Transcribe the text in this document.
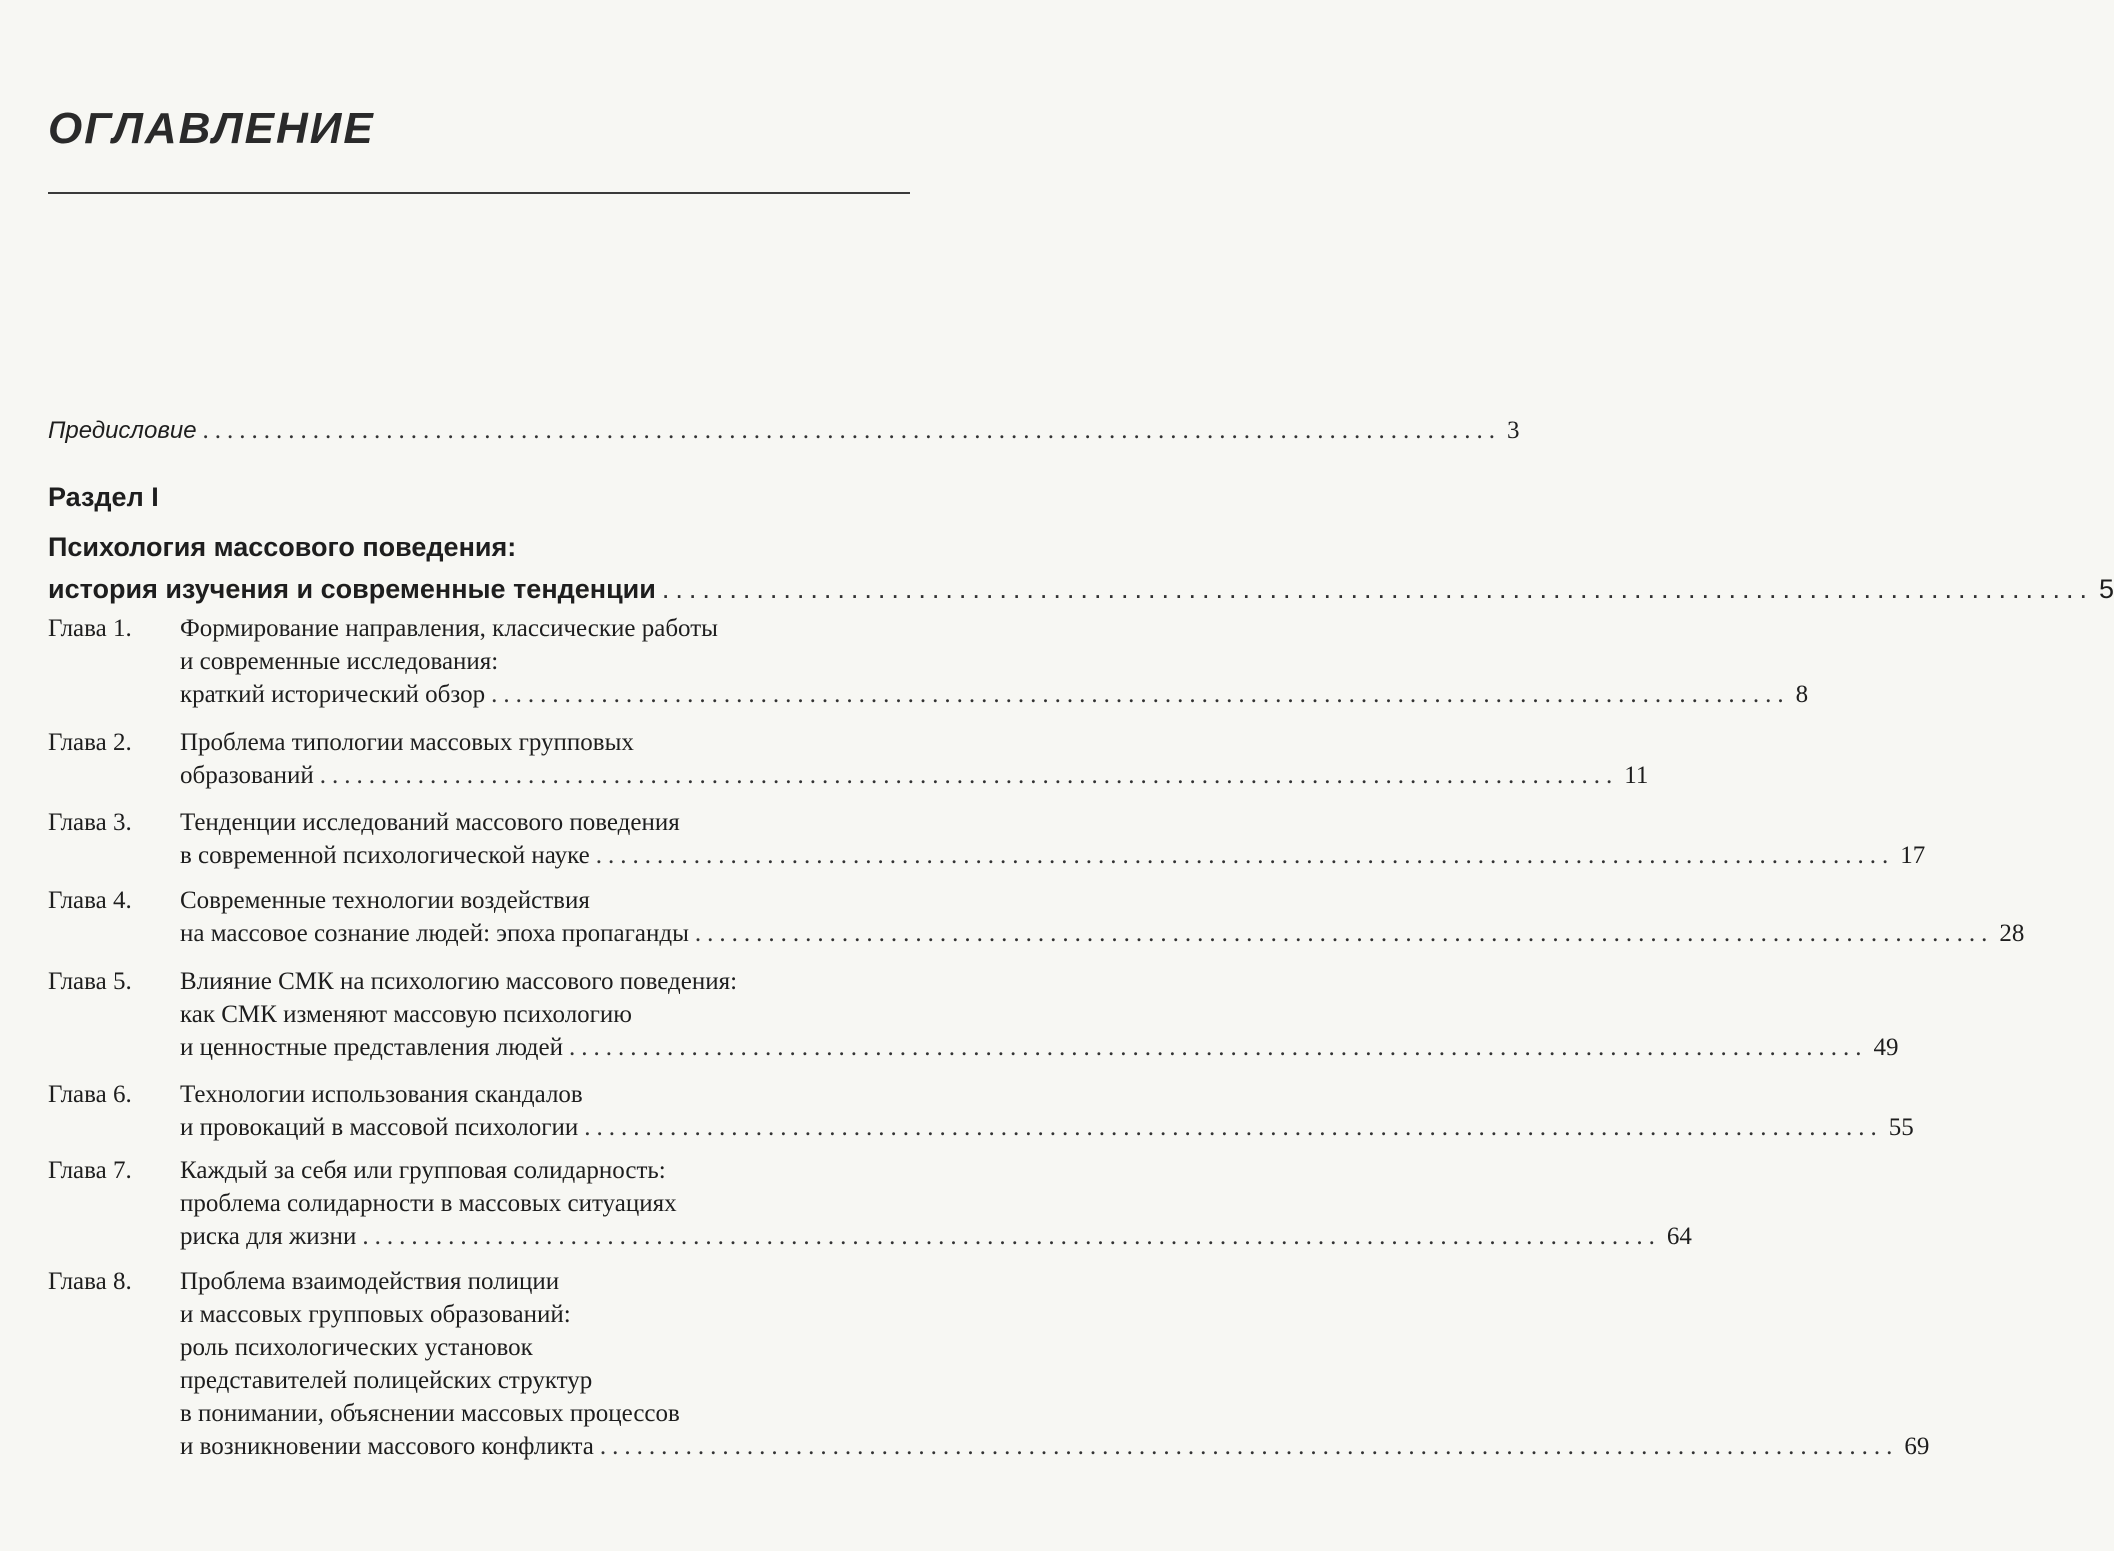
ОГЛАВЛЕНИЕ
Предисловие .......................................................................................................... 3
Раздел I
Психология массового поведения:
история изучения и современные тенденции .......................................................................................................... 5
Глава 1. Формирование направления, классические работы
и современные исследования:
краткий исторический обзор .......................................................................................................... 8
Глава 2. Проблема типологии массовых групповых
образований .......................................................................................................... 11
Глава 3. Тенденции исследований массового поведения
в современной психологической науке .......................................................................................................... 17
Глава 4. Современные технологии воздействия
на массовое сознание людей: эпоха пропаганды .......................................................................................................... 28
Глава 5. Влияние СМК на психологию массового поведения:
как СМК изменяют массовую психологию
и ценностные представления людей .......................................................................................................... 49
Глава 6. Технологии использования скандалов
и провокаций в массовой психологии .......................................................................................................... 55
Глава 7. Каждый за себя или групповая солидарность:
проблема солидарности в массовых ситуациях
риска для жизни .......................................................................................................... 64
Глава 8. Проблема взаимодействия полиции
и массовых групповых образований:
роль психологических установок
представителей полицейских структур
в понимании, объяснении массовых процессов
и возникновении массового конфликта .......................................................................................................... 69
